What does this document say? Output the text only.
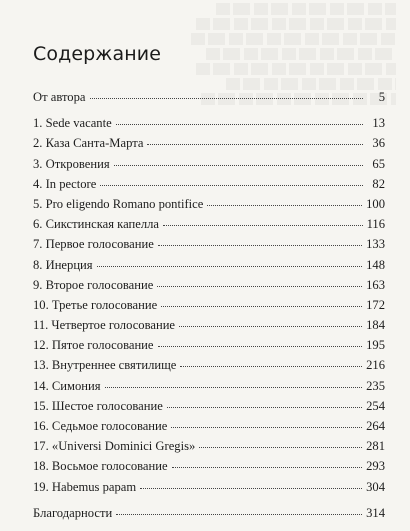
Содержание
От автора	5
1. Sede vacante	13
2. Каза Санта-Марта	36
3. Откровения	65
4. In pectore	82
5. Pro eligendo Romano pontifice	100
6. Сикстинская капелла	116
7. Первое голосование	133
8. Инерция	148
9. Второе голосование	163
10. Третье голосование	172
11. Четвертое голосование	184
12. Пятое голосование	195
13. Внутреннее святилище	216
14. Симония	235
15. Шестое голосование	254
16. Седьмое голосование	264
17. «Universi Dominici Gregis»	281
18. Восьмое голосование	293
19. Habemus papam	304
Благодарности	314
